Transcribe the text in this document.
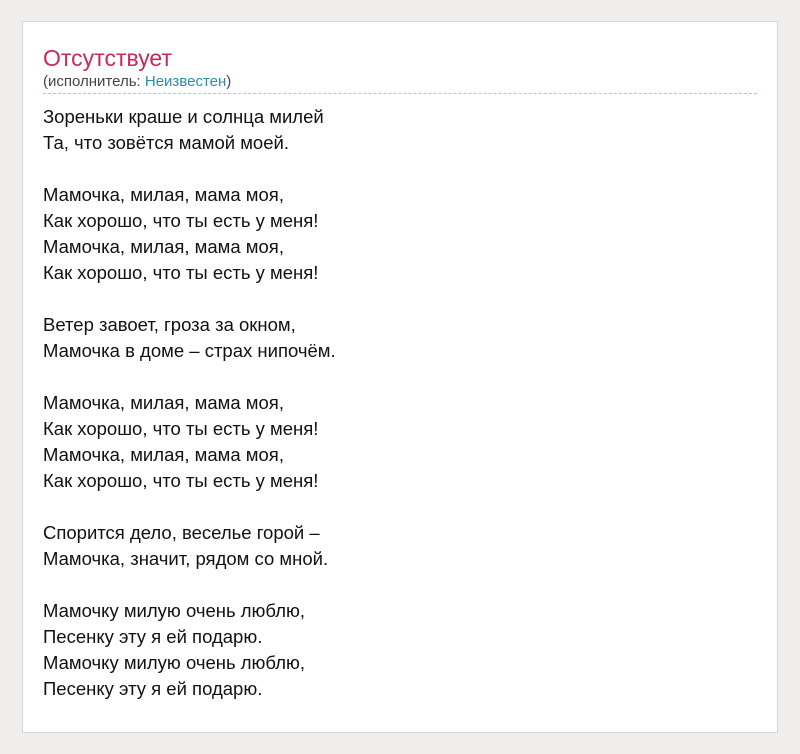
Отсутствует
(исполнитель: Неизвестен)
Зореньки краше и солнца милей
Та, что зовётся мамой моей.
Мамочка, милая, мама моя,
Как хорошо, что ты есть у меня!
Мамочка, милая, мама моя,
Как хорошо, что ты есть у меня!
Ветер завоет, гроза за окном,
Мамочка в доме – страх нипочём.
Мамочка, милая, мама моя,
Как хорошо, что ты есть у меня!
Мамочка, милая, мама моя,
Как хорошо, что ты есть у меня!
Спорится дело, веселье горой –
Мамочка, значит, рядом со мной.
Мамочку милую очень люблю,
Песенку эту я ей подарю.
Мамочку милую очень люблю,
Песенку эту я ей подарю.
